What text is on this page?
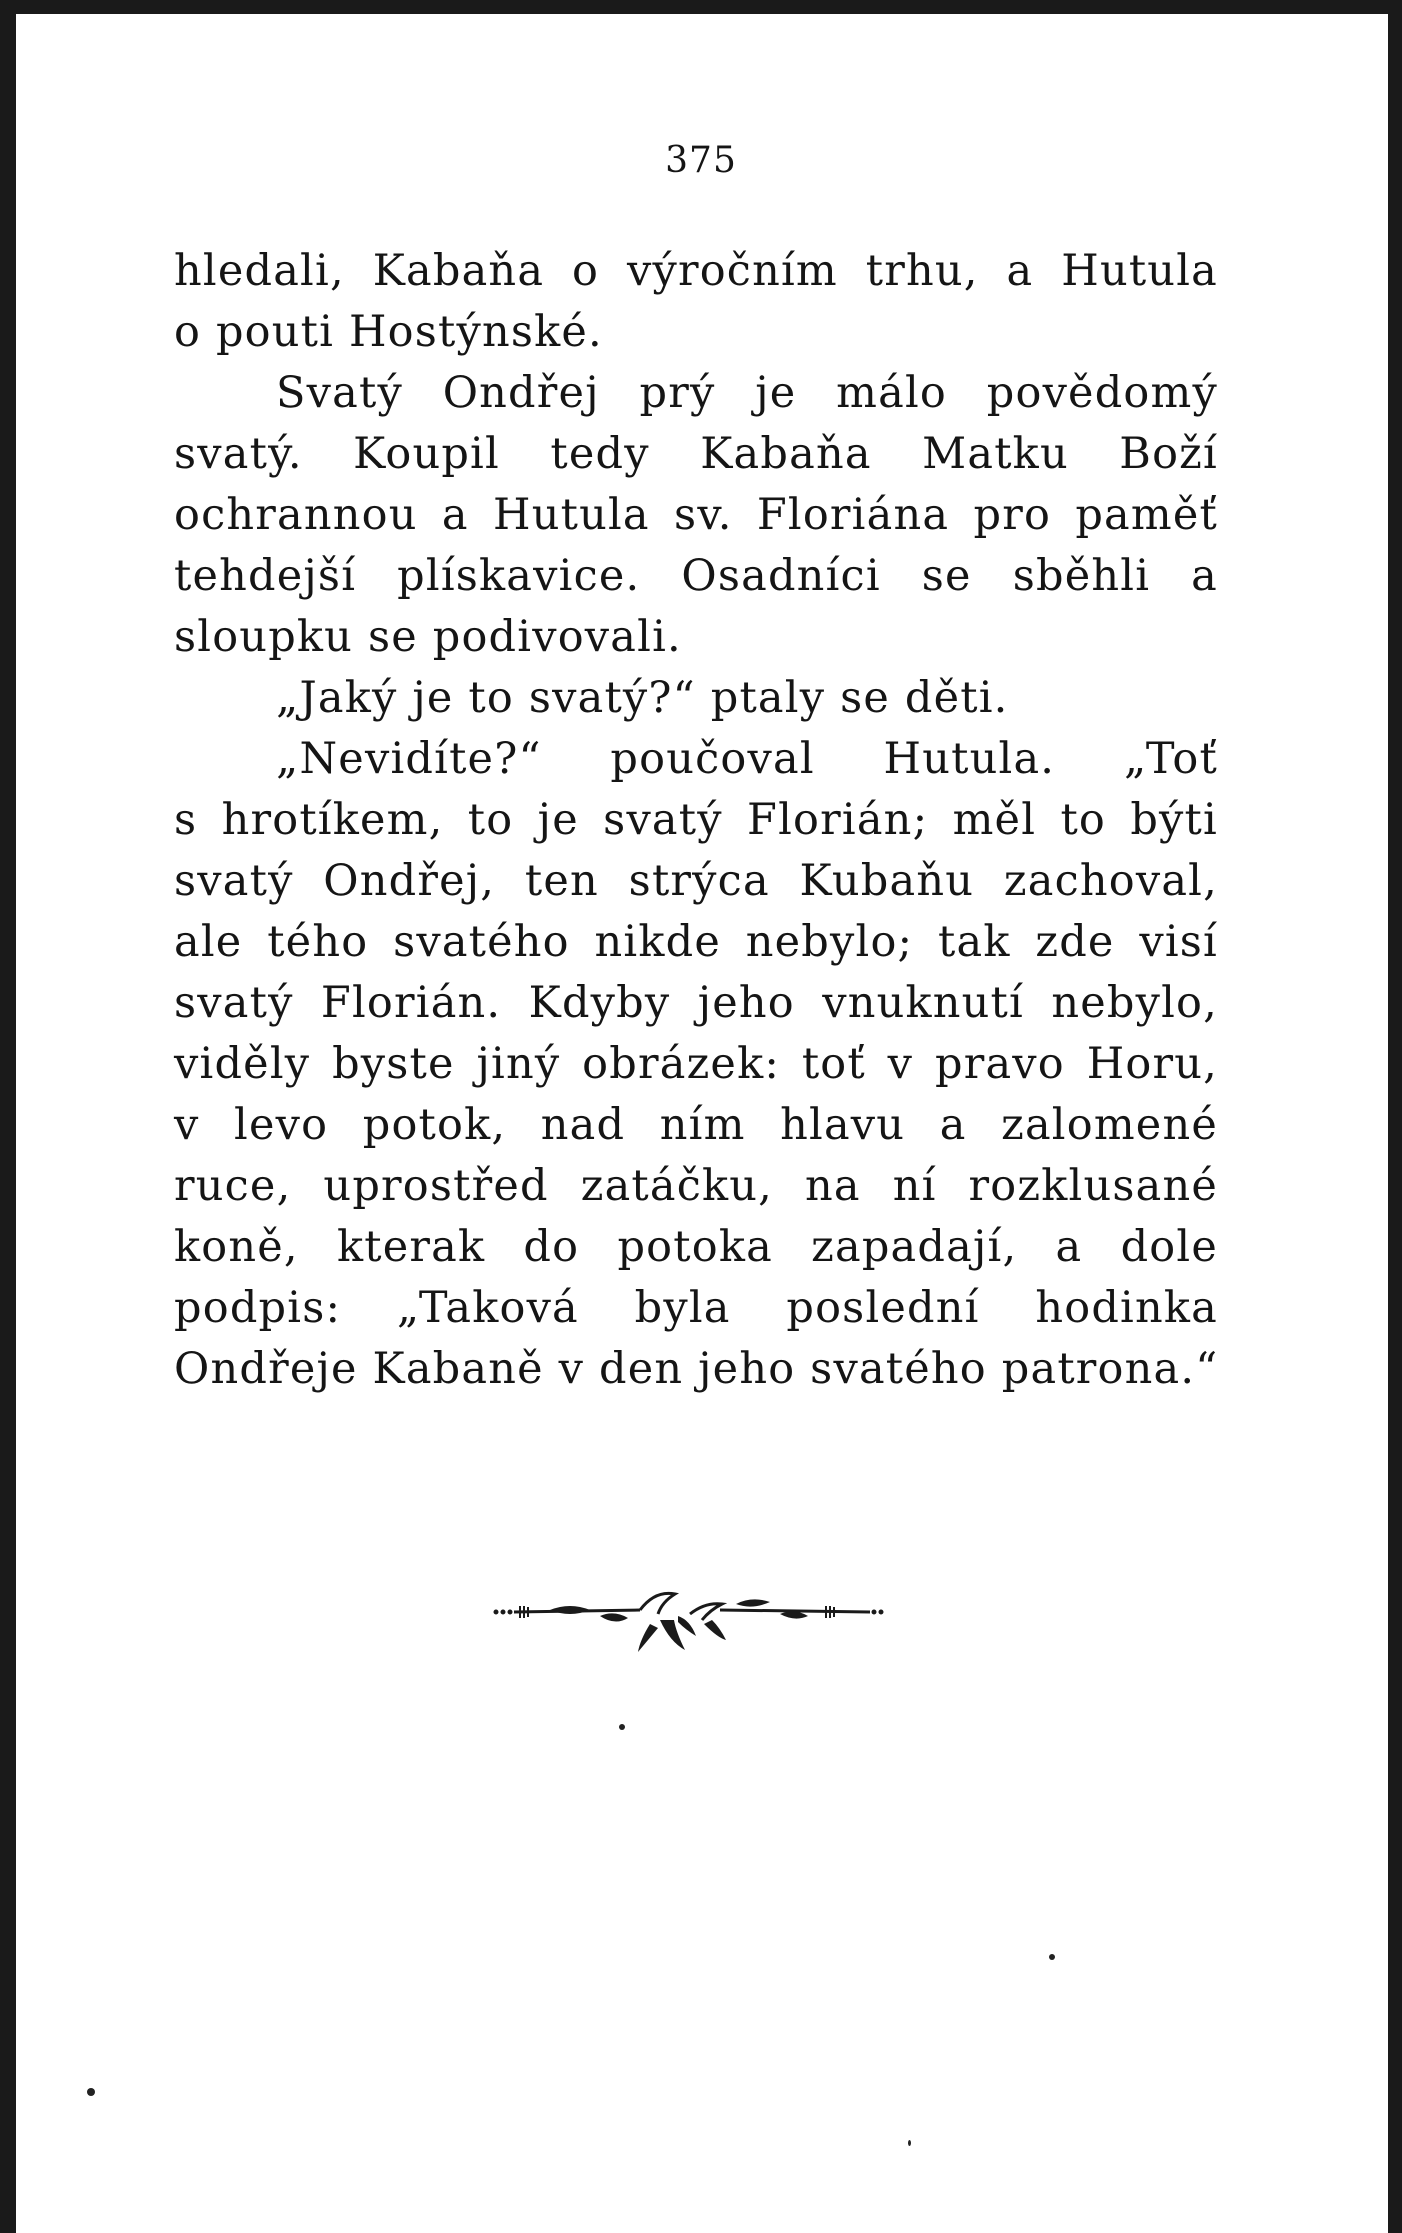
375
hledali, Kabaňa o výročním trhu, a Hutula
o pouti Hostýnské.
Svatý Ondřej prý je málo povědomý
svatý. Koupil tedy Kabaňa Matku Boží
ochrannou a Hutula sv. Floriána pro paměť
tehdejší plískavice. Osadníci se sběhli a
sloupku se podivovali.
„Jaký je to svatý?“ ptaly se děti.
„Nevidíte?“ poučoval Hutula. „Toť
s hrotíkem, to je svatý Florián; měl to býti
svatý Ondřej, ten strýca Kubaňu zachoval,
ale tého svatého nikde nebylo; tak zde visí
svatý Florián. Kdyby jeho vnuknutí nebylo,
viděly byste jiný obrázek: toť v pravo Horu,
v levo potok, nad ním hlavu a zalomené
ruce, uprostřed zatáčku, na ní rozklusané
koně, kterak do potoka zapadají, a dole
podpis: „Taková byla poslední hodinka
Ondřeje Kabaně v den jeho svatého patrona.“
